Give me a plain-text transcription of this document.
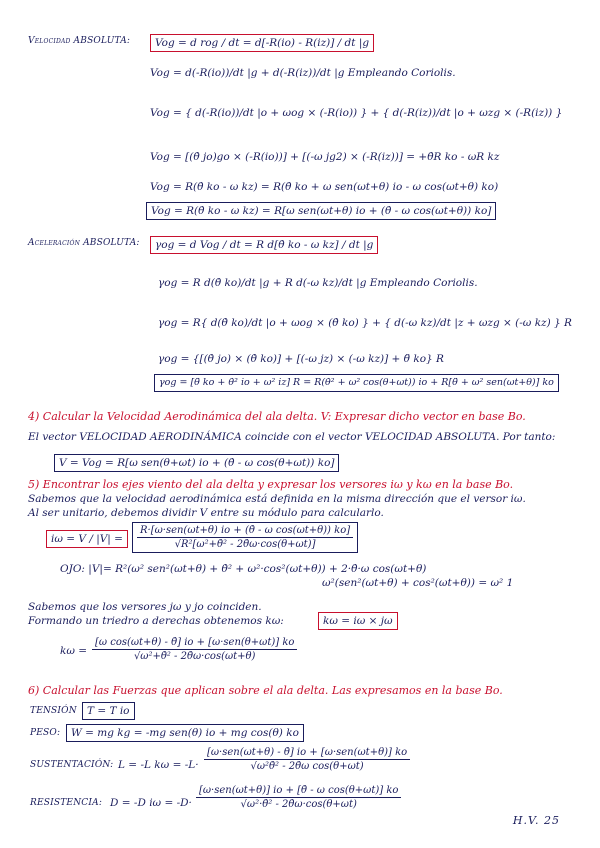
Velocidad ABSOLUTA:	Vog = d rog / dt = d[-R(io) - R(iz)] / dt |g
Vog = d(-R(io))/dt |g + d(-R(iz))/dt |g Empleando Coriolis.
Vog = { d(-R(io))/dt |o + ωog × (-R(io)) } + { d(-R(iz))/dt |o + ωzg × (-R(iz)) }
Vog = [(θ̇ jo)go × (-R(io))] + [(-ω jg2) × (-R(iz))] = +θ̇R ko - ωR kz
Vog = R(θ̇ ko - ω kz) = R(θ̇ ko + ω sen(ωt+θ) io - ω cos(ωt+θ) ko)
Vog = R(θ̇ ko - ω kz) = R[ω sen(ωt+θ) io + (θ̇ - ω cos(ωt+θ)) ko]
Aceleración ABSOLUTA:	γog = d Vog / dt = R d[θ̇ ko - ω kz] / dt |g
γog = R d(θ̇ ko)/dt |g + R d(-ω kz)/dt |g Empleando Coriolis.
γog = R{ d(θ̇ ko)/dt |o + ωog × (θ̇ ko) } + { d(-ω kz)/dt |z + ωzg × (-ω kz) } R
γog = {[(θ̇ jo) × (θ̇ ko)] + [(-ω jz) × (-ω kz)] + θ̈ ko} R
γog = [θ̈ ko + θ̇² io + ω² iz] R = R(θ̇² + ω² cos(θ+ωt)) io + R[θ̈ + ω² sen(ωt+θ)] ko
4) Calcular la Velocidad Aerodinámica del ala delta. V: Expresar dicho vector en base Bo.
El vector VELOCIDAD AERODINÁMICA coincide con el vector VELOCIDAD ABSOLUTA. Por tanto:
V = Vog = R[ω sen(θ+ωt) io + (θ̇ - ω cos(θ+ωt)) ko]
5) Encontrar los ejes viento del ala delta y expresar los versores iω y kω en la base Bo.
Sabemos que la velocidad aerodinámica está definida en la misma dirección que el versor iω.
Al ser unitario, debemos dividir V entre su módulo para calcularlo.
iω = V / |V| =
R·[ω·sen(ωt+θ) io + (θ̇ - ω cos(ωt+θ)) ko]
√R²[ω²+θ̇² - 2θ̇ω·cos(θ+ωt)]
OJO: |V|= R²(ω² sen²(ωt+θ) + θ̇² + ω²·cos²(ωt+θ)) + 2·θ̇·ω cos(ωt+θ)
ω²(sen²(ωt+θ) + cos²(ωt+θ)) = ω² 1
Sabemos que los versores jω y jo coinciden.
Formando un triedro a derechas obtenemos kω:	kω = iω × jω
kω =
[ω cos(ωt+θ) - θ̇] io + [ω·sen(θ+ωt)] ko
√ω²+θ̇² - 2θ̇ω·cos(ωt+θ)
6) Calcular las Fuerzas que aplican sobre el ala delta. Las expresamos en la base Bo.
TENSIÓN T = T io
PESO:	W = mg kg = -mg sen(θ) io + mg cos(θ) ko
SUSTENTACIÓN: L = -L kω = -L·
[ω·sen(ωt+θ) - θ̇] io + [ω·sen(ωt+θ)] ko
√ω²θ̇² - 2θ̇ω cos(θ+ωt)
RESISTENCIA: D = -D iω = -D·
[ω·sen(ωt+θ)] io + [θ̇ - ω cos(θ+ωt)] ko
√ω²·θ̇² - 2θ̇ω·cos(θ+ωt)
H.V. 25
